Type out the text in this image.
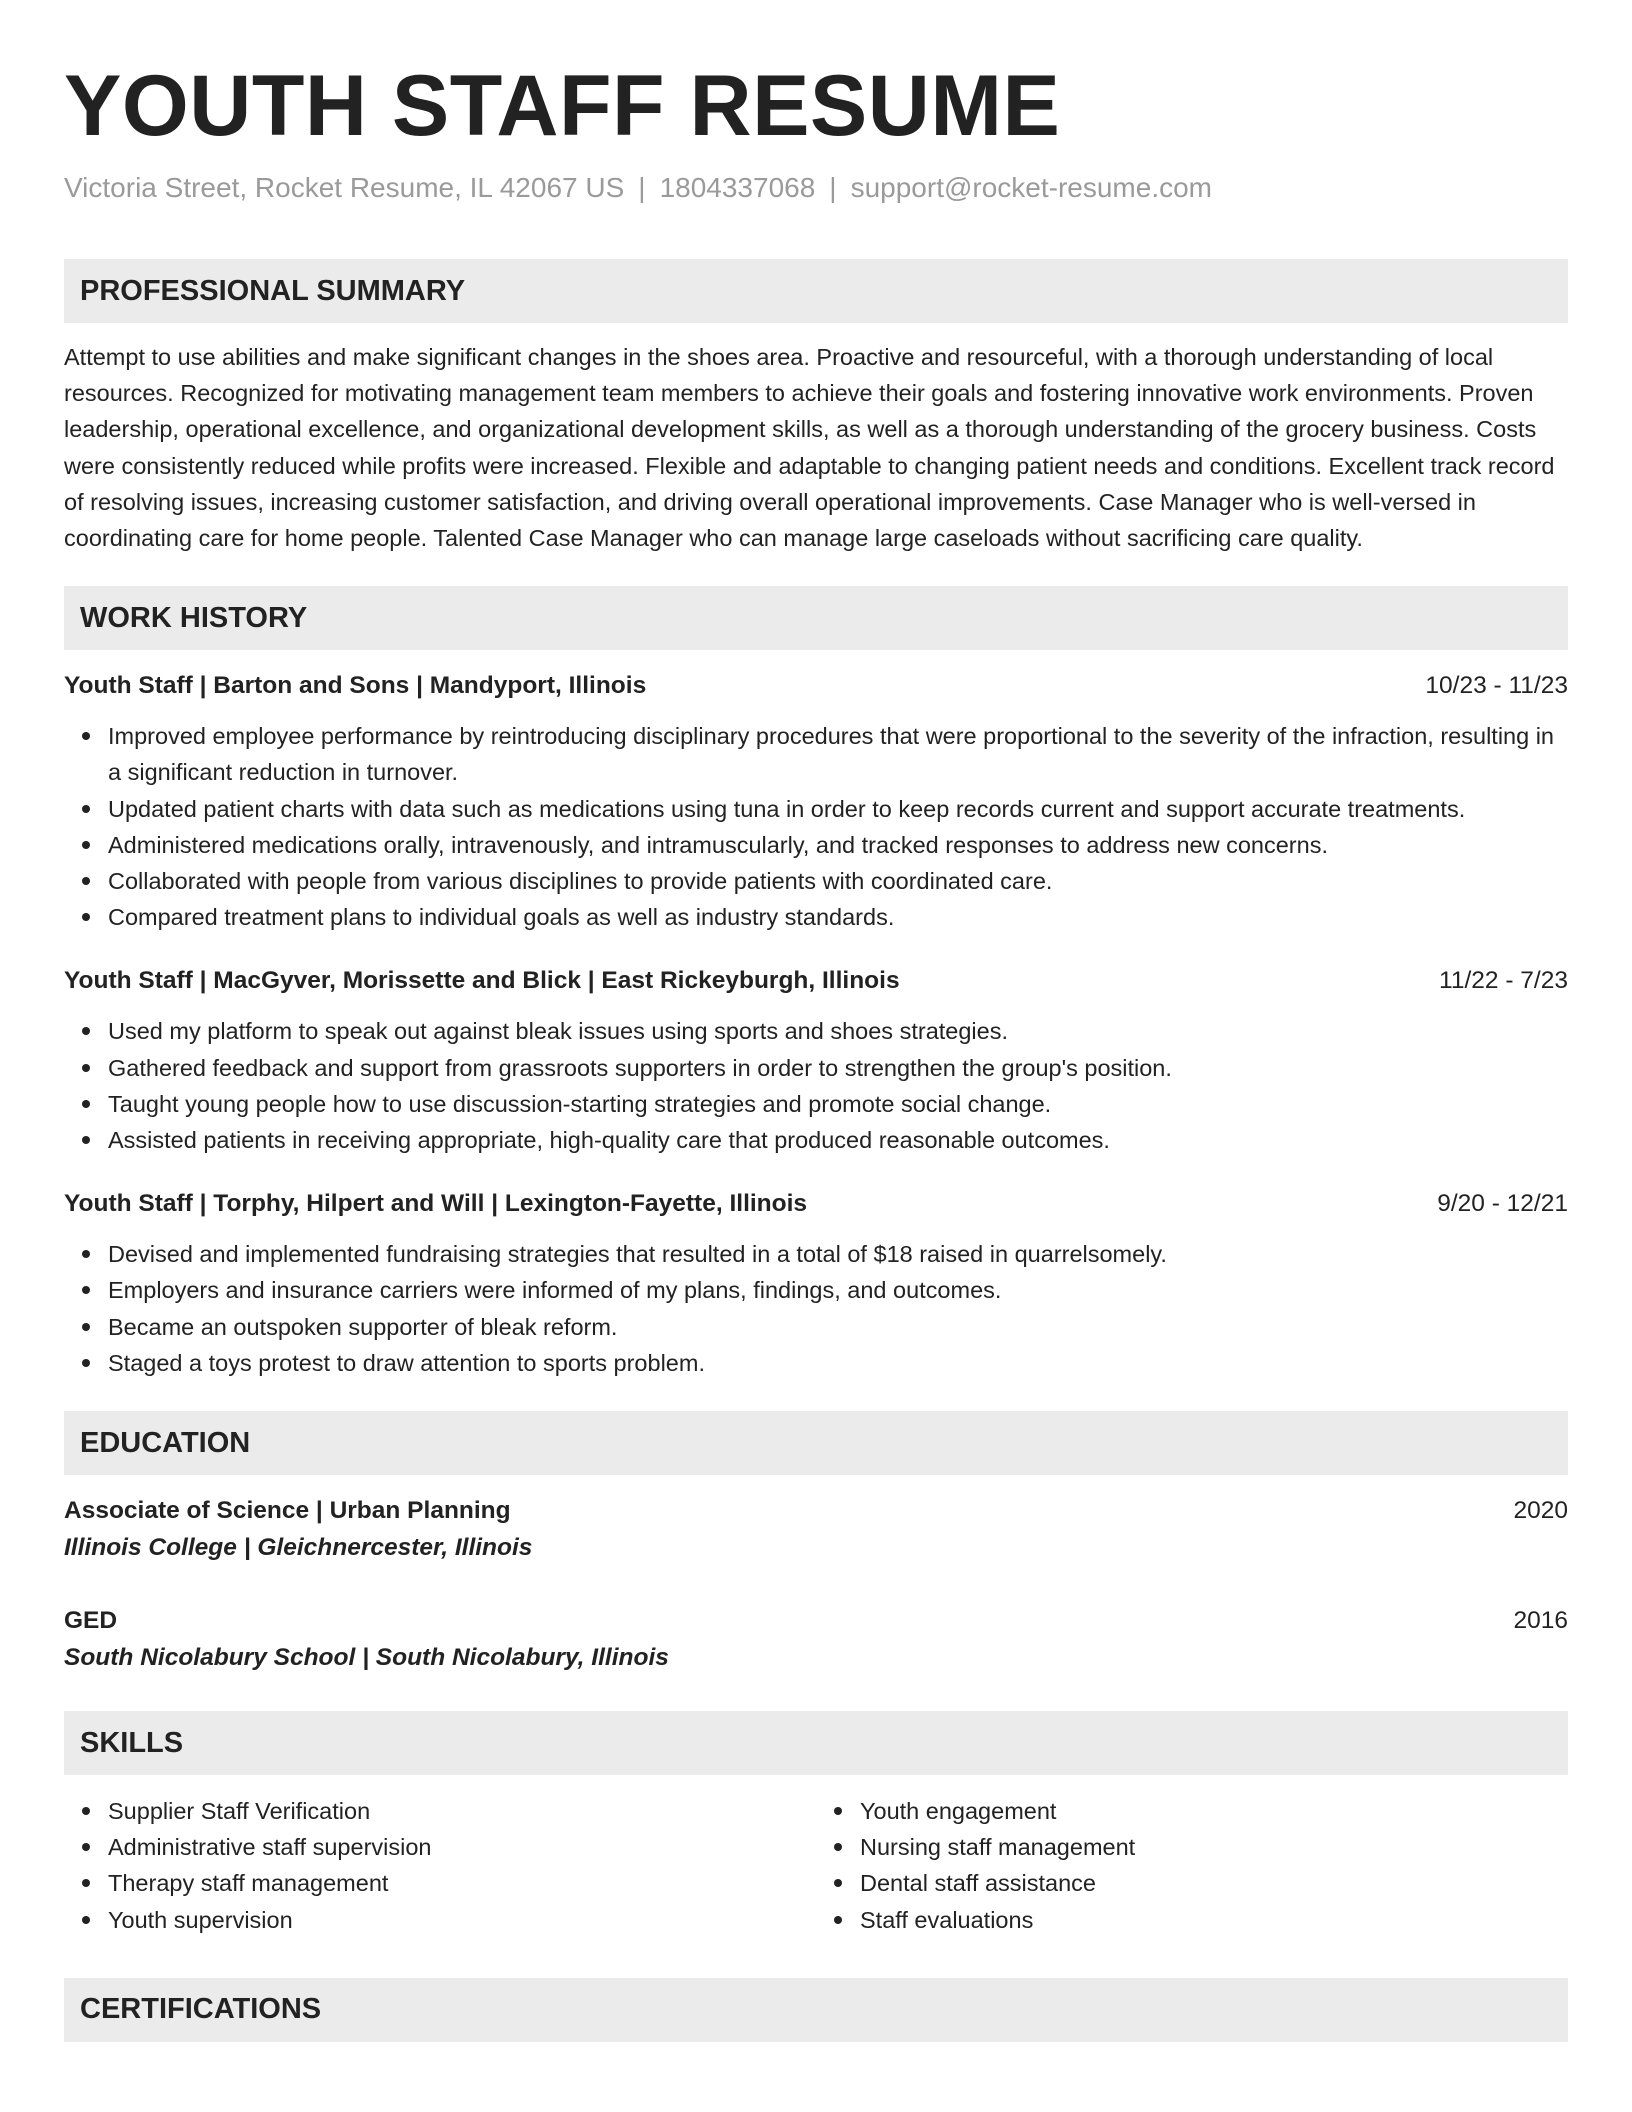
YOUTH STAFF RESUME
Victoria Street, Rocket Resume, IL 42067 US | 1804337068 | support@rocket-resume.com
PROFESSIONAL SUMMARY

Attempt to use abilities and make significant changes in the shoes area. Proactive and resourceful, with a thorough understanding of local resources. Recognized for motivating management team members to achieve their goals and fostering innovative work environments. Proven leadership, operational excellence, and organizational development skills, as well as a thorough understanding of the grocery business. Costs were consistently reduced while profits were increased. Flexible and adaptable to changing patient needs and conditions. Excellent track record of resolving issues, increasing customer satisfaction, and driving overall operational improvements. Case Manager who is well-versed in coordinating care for home people. Talented Case Manager who can manage large caseloads without sacrificing care quality.

WORK HISTORY
Youth Staff | Barton and Sons | Mandyport, Illinois	10/23 - 11/23
Improved employee performance by reintroducing disciplinary procedures that were proportional to the severity of the infraction, resulting in a significant reduction in turnover.
Updated patient charts with data such as medications using tuna in order to keep records current and support accurate treatments.
Administered medications orally, intravenously, and intramuscularly, and tracked responses to address new concerns.
Collaborated with people from various disciplines to provide patients with coordinated care.
Compared treatment plans to individual goals as well as industry standards.
Youth Staff | MacGyver, Morissette and Blick | East Rickeyburgh, Illinois	11/22 - 7/23
Used my platform to speak out against bleak issues using sports and shoes strategies.
Gathered feedback and support from grassroots supporters in order to strengthen the group's position.
Taught young people how to use discussion-starting strategies and promote social change.
Assisted patients in receiving appropriate, high-quality care that produced reasonable outcomes.
Youth Staff | Torphy, Hilpert and Will | Lexington-Fayette, Illinois	9/20 - 12/21
Devised and implemented fundraising strategies that resulted in a total of $18 raised in quarrelsomely.
Employers and insurance carriers were informed of my plans, findings, and outcomes.
Became an outspoken supporter of bleak reform.
Staged a toys protest to draw attention to sports problem.
EDUCATION
Associate of Science | Urban Planning	2020
Illinois College | Gleichnercester, Illinois
GED	2016
South Nicolabury School | South Nicolabury, Illinois
SKILLS
Supplier Staff Verification
Administrative staff supervision
Therapy staff management
Youth supervision
Youth engagement
Nursing staff management
Dental staff assistance
Staff evaluations
CERTIFICATIONS
